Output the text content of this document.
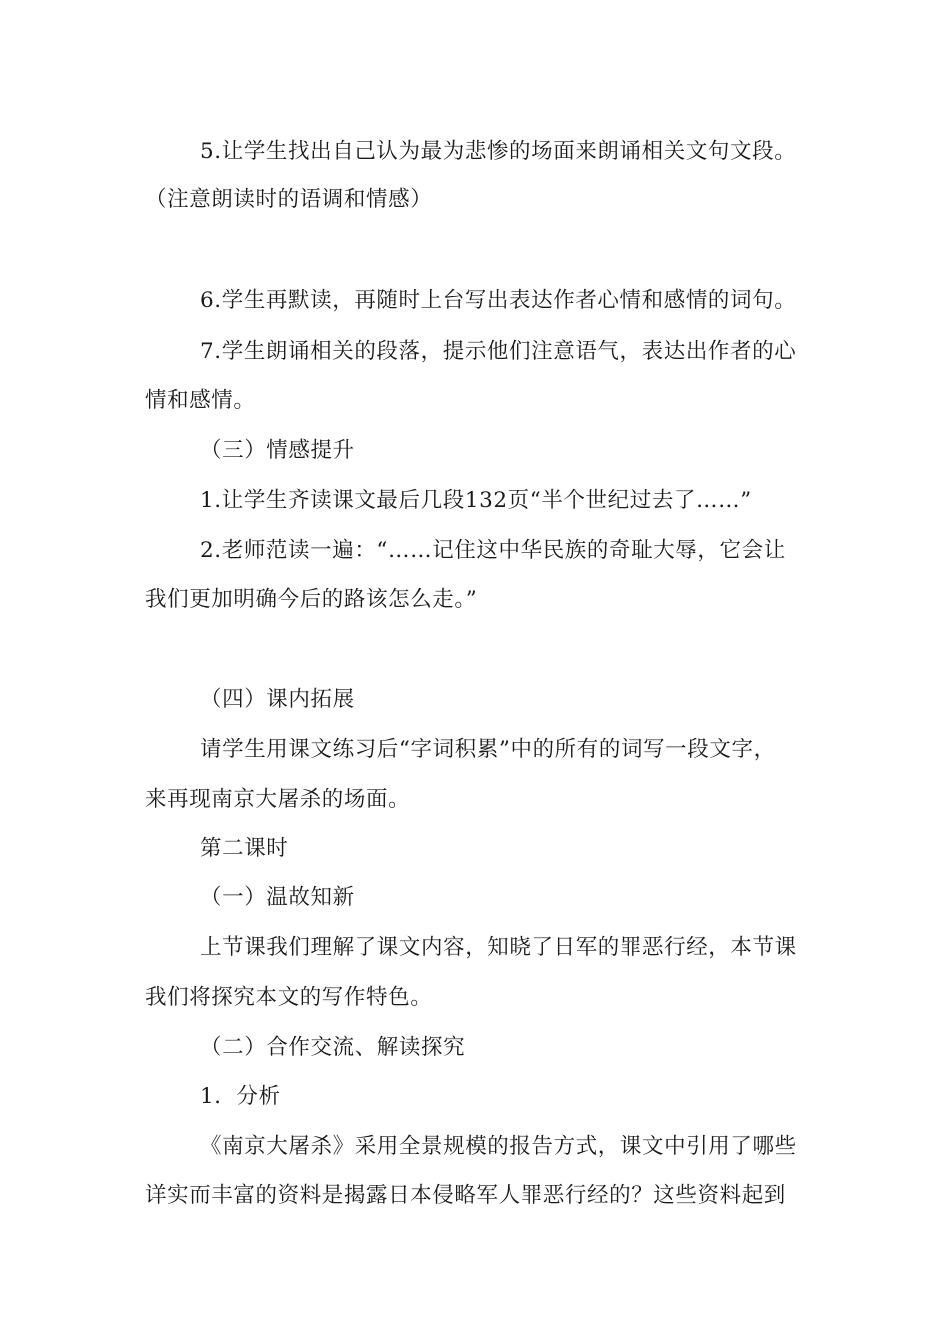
5.让学生找出自己认为最为悲惨的场面来朗诵相关文句文段。
（注意朗读时的语调和情感）
6.学生再默读，再随时上台写出表达作者心情和感情的词句。
7.学生朗诵相关的段落，提示他们注意语气，表达出作者的心
情和感情。
（三）情感提升
1.让学生齐读课文最后几段132页“半个世纪过去了……”
2.老师范读一遍：“……记住这中华民族的奇耻大辱，它会让
我们更加明确今后的路该怎么走。”
（四）课内拓展
请学生用课文练习后“字词积累”中的所有的词写一段文字，
来再现南京大屠杀的场面。
第二课时
（一）温故知新
上节课我们理解了课文内容，知晓了日军的罪恶行经，本节课
我们将探究本文的写作特色。
（二）合作交流、解读探究
1．分析
《南京大屠杀》采用全景规模的报告方式，课文中引用了哪些
详实而丰富的资料是揭露日本侵略军人罪恶行经的？这些资料起到
